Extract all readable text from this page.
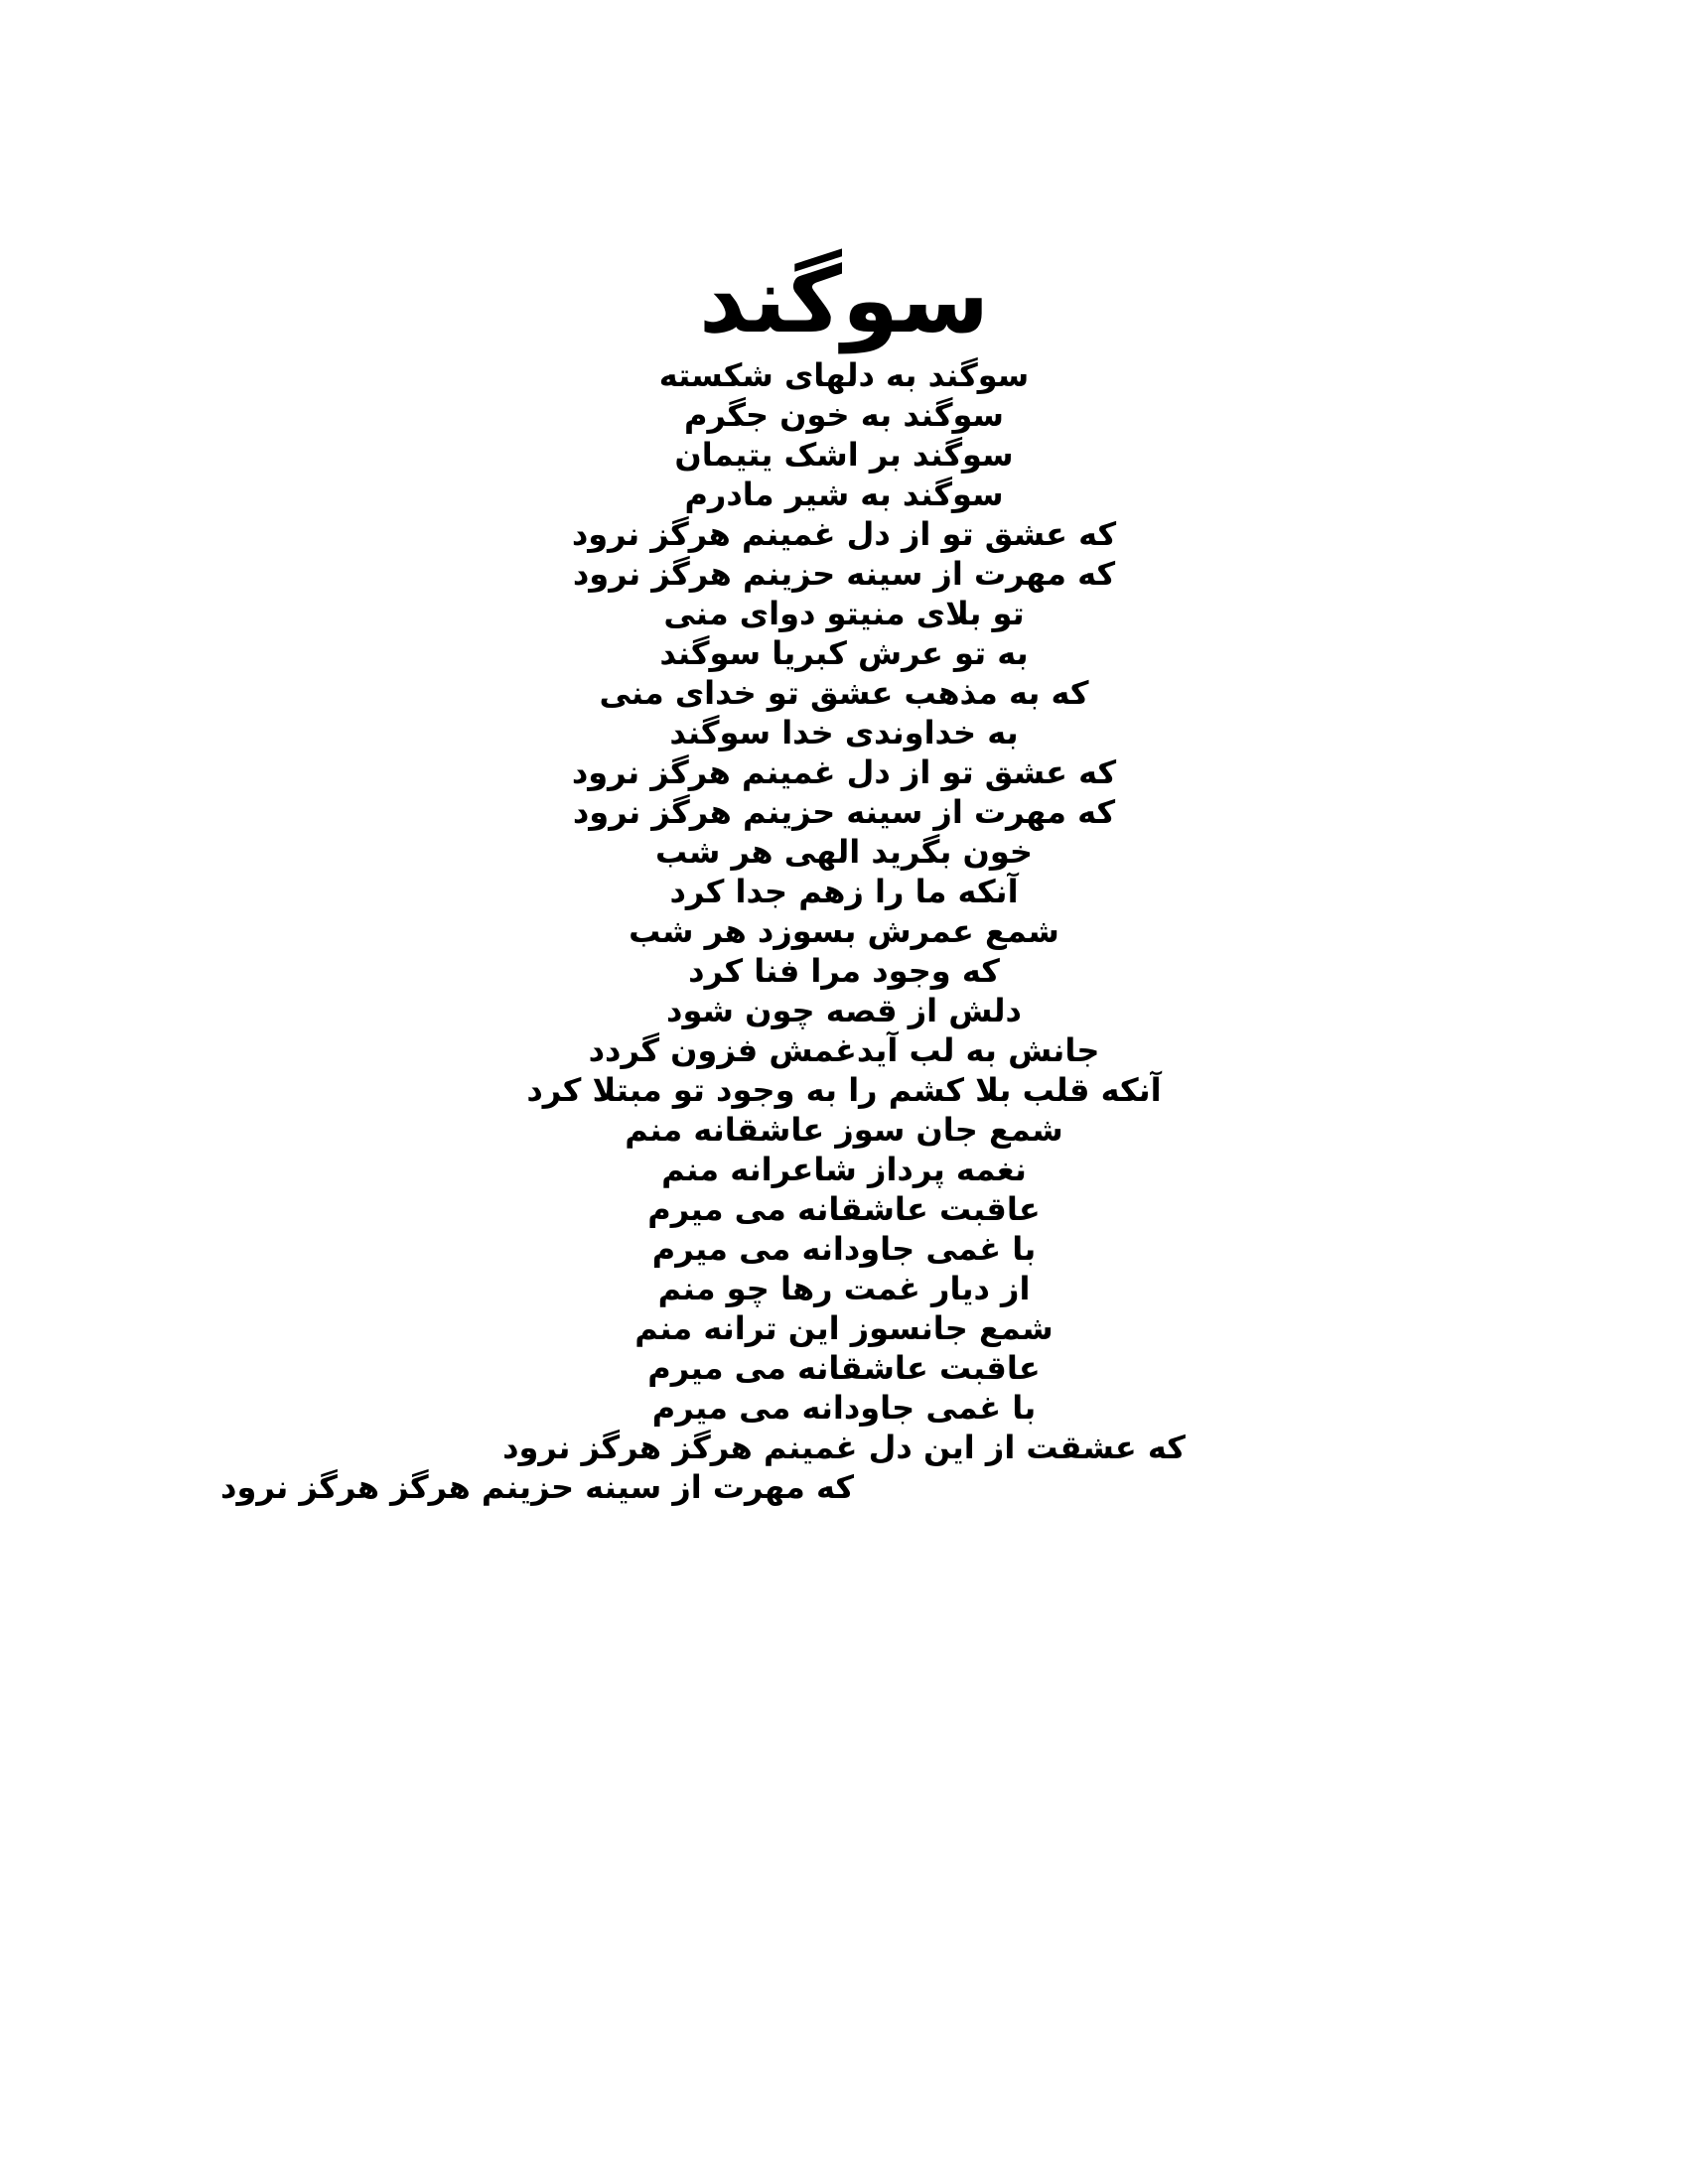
سوگند
سوگند به دلهای شکسته
سوگند به خون جگرم
سوگند بر اشک یتیمان
سوگند به شیر مادرم
که عشق تو از دل غمینم هرگز نرود
که مهرت از سینه حزینم هرگز نرود
تو بلای منیتو دوای منی
به تو عرش کبریا سوگند
که به مذهب عشق تو خدای منی
به خداوندی خدا سوگند
که عشق تو از دل غمینم هرگز نرود
که مهرت از سینه حزینم هرگز نرود
خون بگرید الهی هر شب
آنکه ما را زهم جدا کرد
شمع عمرش بسوزد هر شب
که وجود مرا فنا کرد
دلش از قصه چون شود
جانش به لب آیدغمش فزون گردد
آنکه قلب بلا کشم را به وجود تو مبتلا کرد
شمع جان سوز عاشقانه منم
نغمه پرداز شاعرانه منم
عاقبت عاشقانه می میرم
با غمی جاودانه می میرم
از دیار غمت رها چو منم
شمع جانسوز این ترانه منم
عاقبت عاشقانه می میرم
با غمی جاودانه می میرم
که عشقت از این دل غمینم هرگز هرگز نرود
که مهرت از سینه حزینم هرگز هرگز نرود
